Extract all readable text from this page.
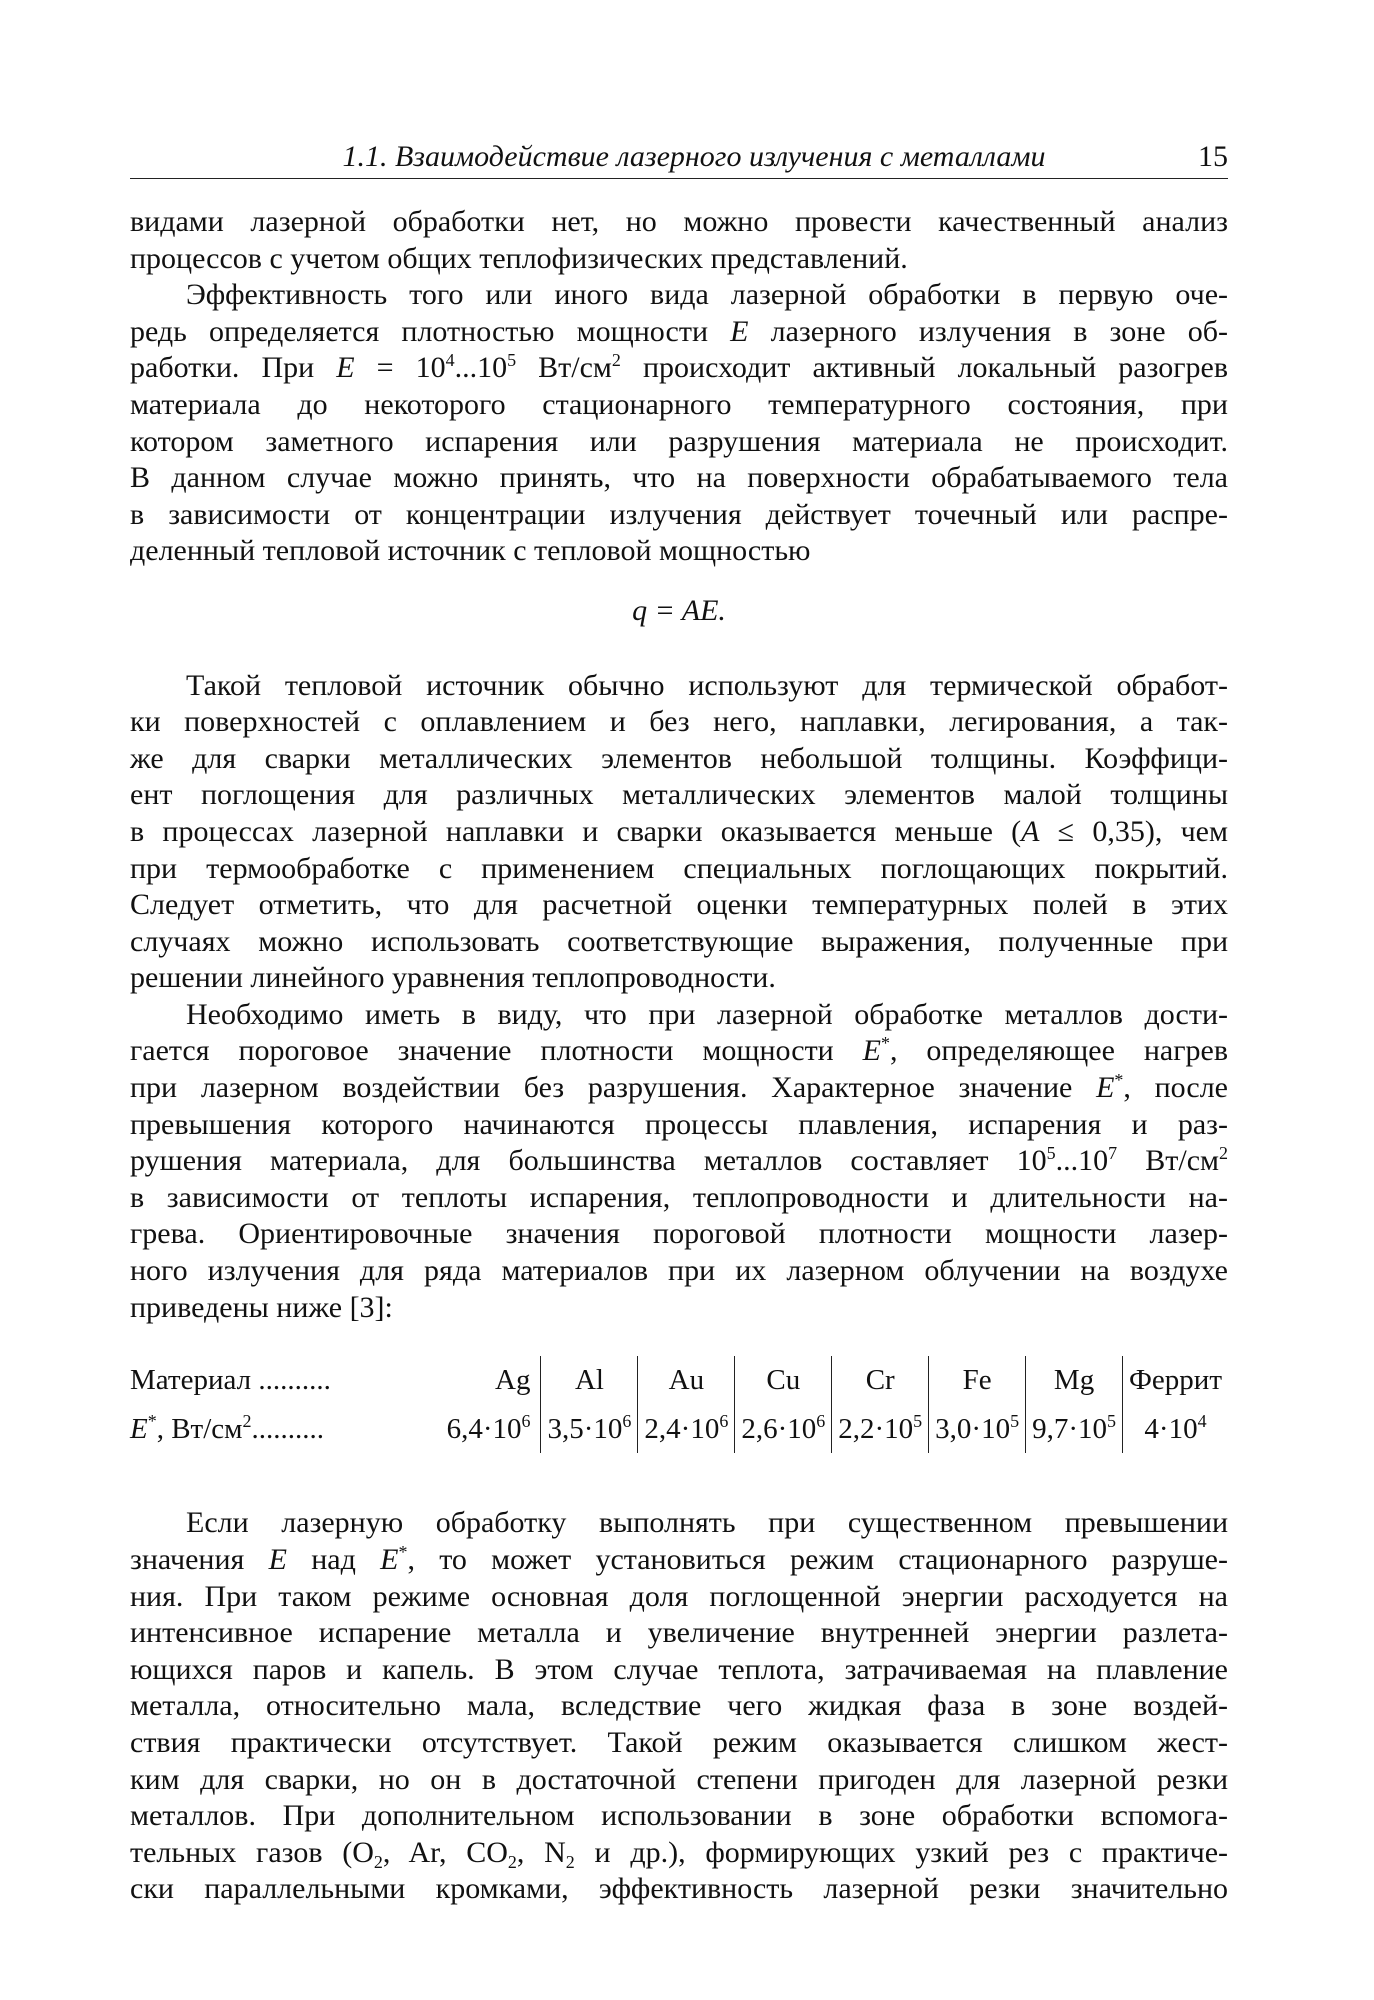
1.1. Взаимодействие лазерного излучения с металлами	15
видами лазерной обработки нет, но можно провести качественный анализ
процессов с учетом общих теплофизических представлений.
Эффективность того или иного вида лазерной обработки в первую оче-
редь определяется плотностью мощности E лазерного излучения в зоне об-
работки. При $E = 10^4...10^5$ $Вт/см^2$ происходит активный локальный разогрев
материала до некоторого стационарного температурного состояния, при
котором заметного испарения или разрушения материала не происходит.
В данном случае можно принять, что на поверхности обрабатываемого тела
в зависимости от концентрации излучения действует точечный или распре-
деленный тепловой источник с тепловой мощностью
q = AE.
Такой тепловой источник обычно используют для термической обработ-
ки поверхностей с оплавлением и без него, наплавки, легирования, а так-
же для сварки металлических элементов небольшой толщины. Коэффици-
ент поглощения для различных металлических элементов малой толщины
в процессах лазерной наплавки и сварки оказывается меньше (A ≤ 0,35), чем
при термообработке с применением специальных поглощающих покрытий.
Следует отметить, что для расчетной оценки температурных полей в этих
случаях можно использовать соответствующие выражения, полученные при
решении линейного уравнения теплопроводности.
Необходимо иметь в виду, что при лазерной обработке металлов дости-
гается пороговое значение плотности мощности E*, определяющее нагрев
при лазерном воздействии без разрушения. Характерное значение E*, после
превышения которого начинаются процессы плавления, испарения и раз-
рушения материала, для большинства металлов составляет $10^5...10^7$ $Вт/см^2$
в зависимости от теплоты испарения, теплопроводности и длительности на-
грева. Ориентировочные значения пороговой плотности мощности лазер-
ного излучения для ряда материалов при их лазерном облучении на воздухе
приведены ниже [3]:
Материал ..........	Ag	Al	Au	Cu	Cr	Fe	Mg	Феррит
E*, $Вт/см^2$..........	$6,4\cdot 10^6$	$3,5\cdot 10^6$	$2,4\cdot 10^6$	$2,6\cdot 10^6$	$2,2\cdot 10^5$	$3,0\cdot 10^5$	$9,7\cdot 10^5$	$4\cdot 10^4$
Если лазерную обработку выполнять при существенном превышении
значения E над E*, то может установиться режим стационарного разруше-
ния. При таком режиме основная доля поглощенной энергии расходуется на
интенсивное испарение металла и увеличение внутренней энергии разлета-
ющихся паров и капель. В этом случае теплота, затрачиваемая на плавление
металла, относительно мала, вследствие чего жидкая фаза в зоне воздей-
ствия практически отсутствует. Такой режим оказывается слишком жест-
ким для сварки, но он в достаточной степени пригоден для лазерной резки
металлов. При дополнительном использовании в зоне обработки вспомога-
тельных газов ($O_2$, Ar, $CO_2$, $N_2$ и др.), формирующих узкий рез с практиче-
ски параллельными кромками, эффективность лазерной резки значительно
